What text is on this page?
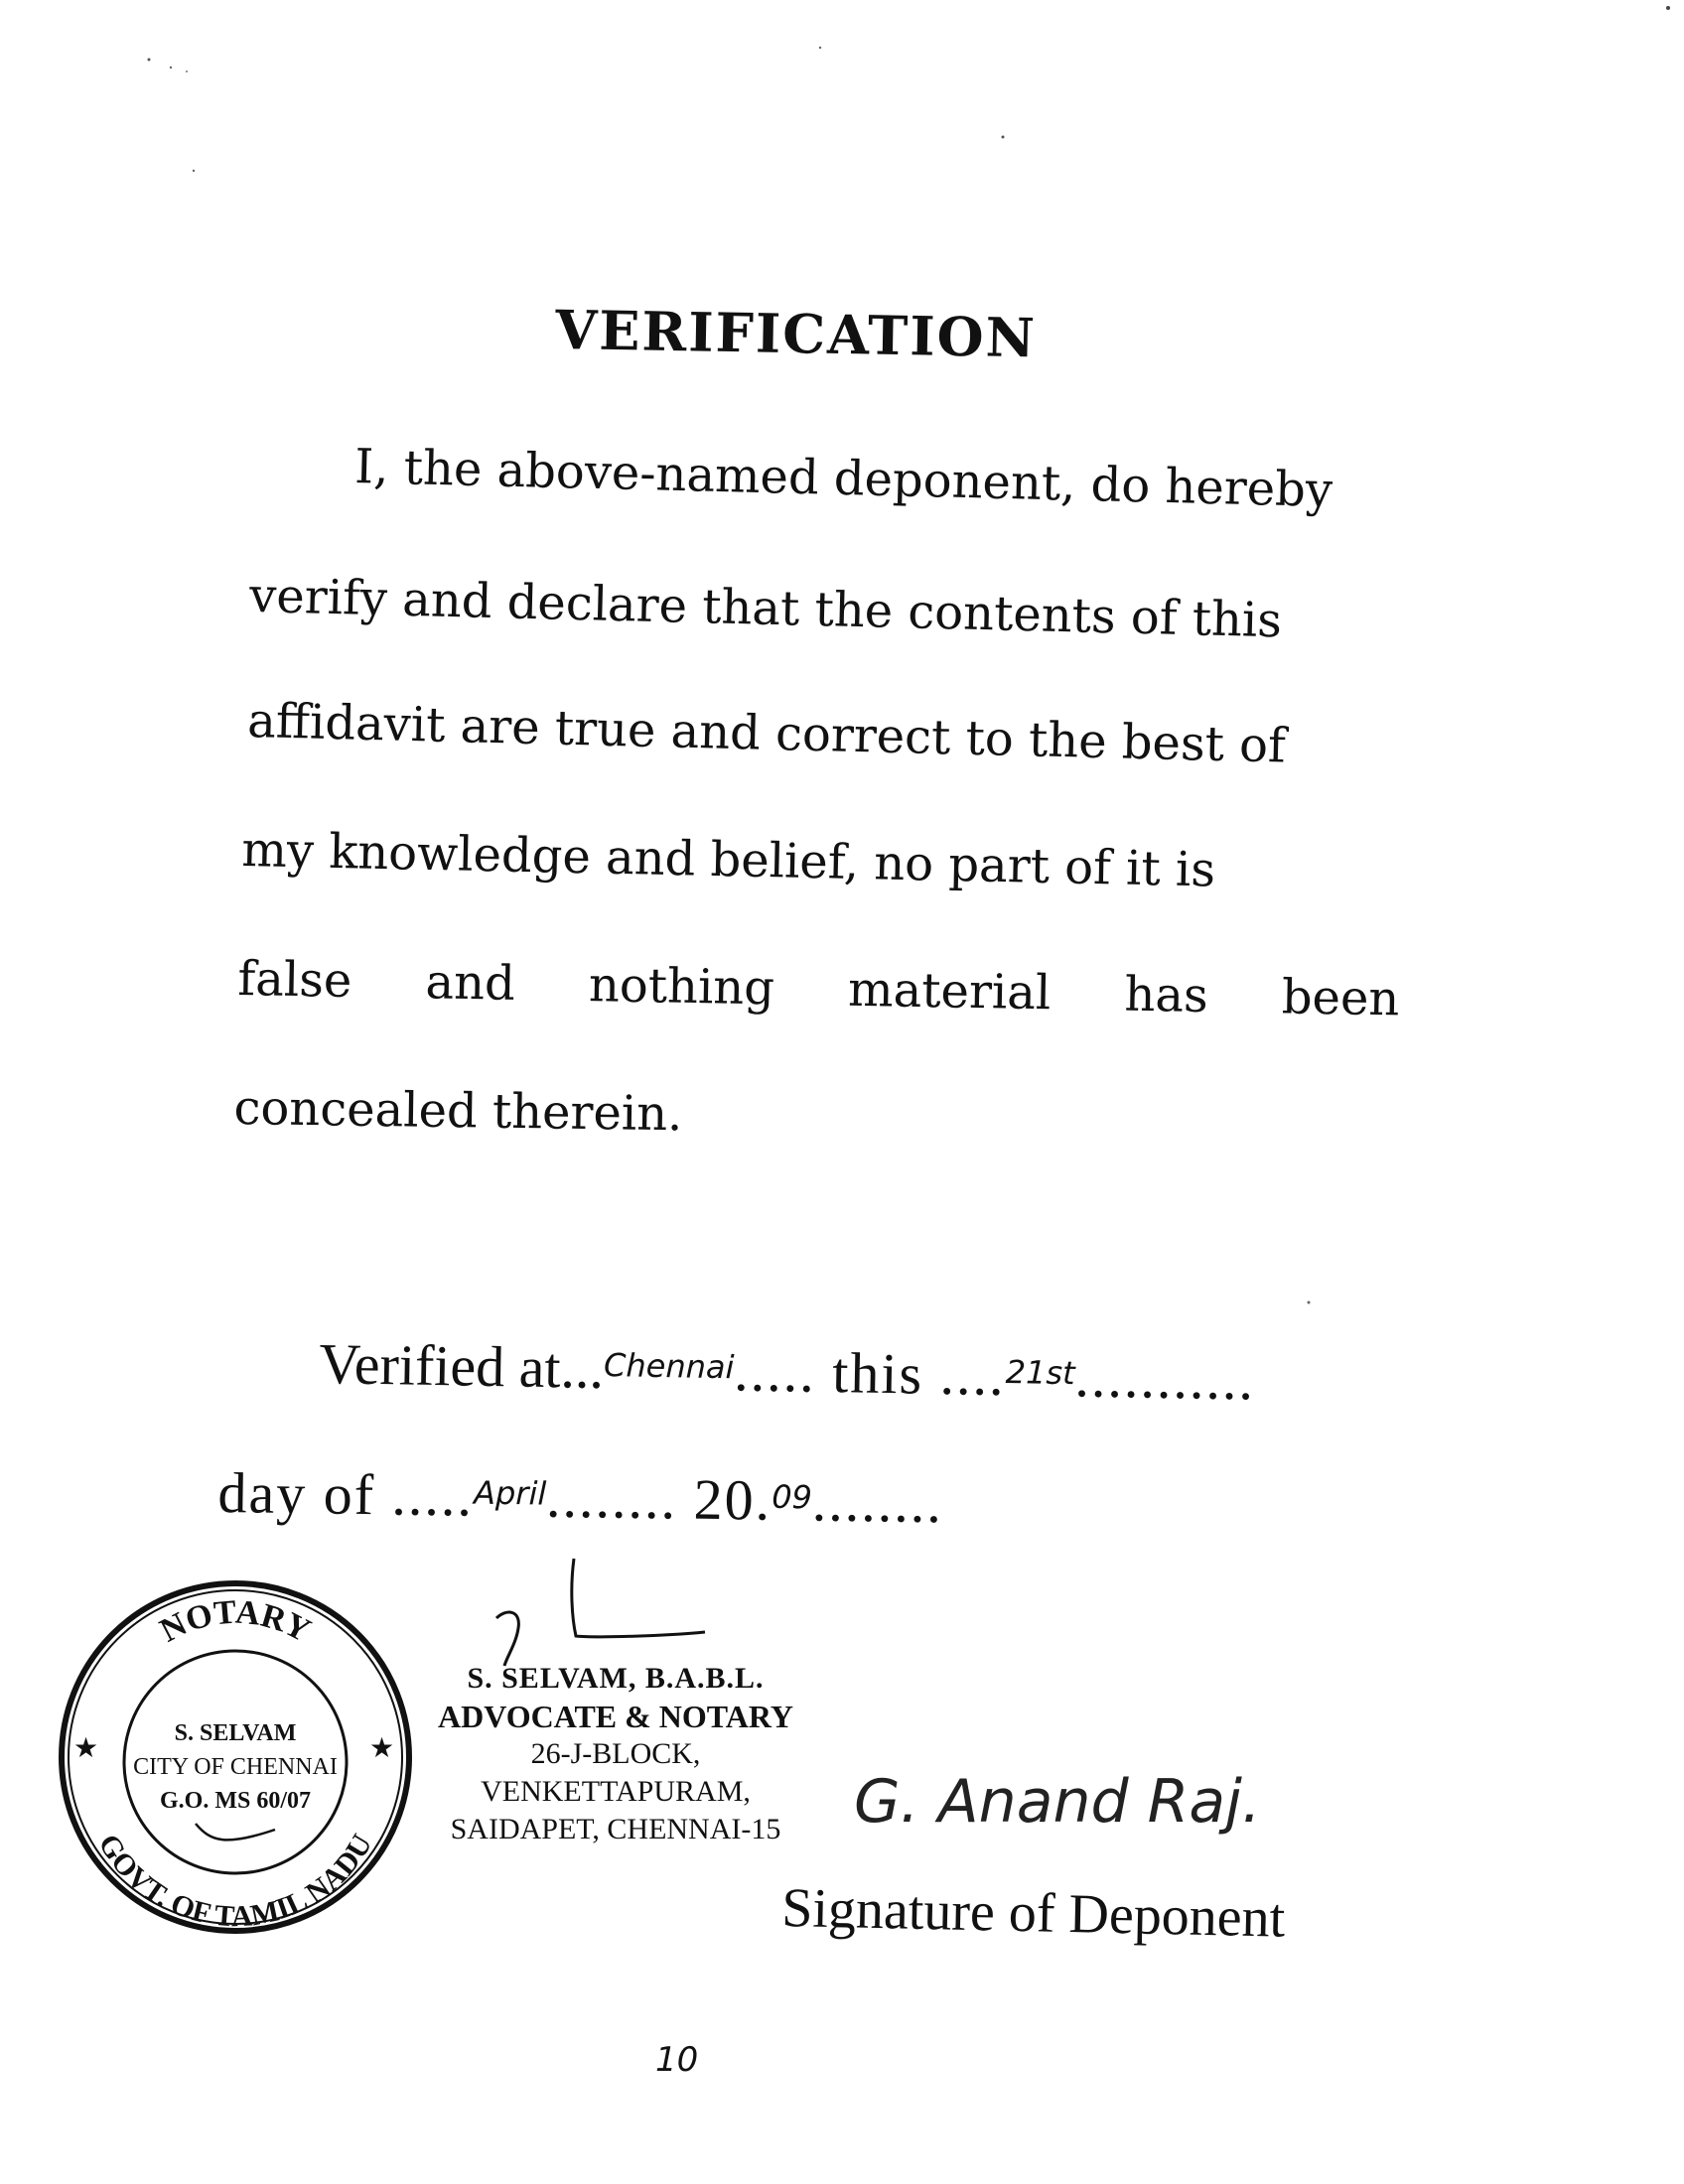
VERIFICATION
I, the above-named deponent, do hereby
verify and declare that the contents of this
affidavit are true and correct to the best of
my knowledge and belief, no part of it is
false and nothing material has been
concealed therein.
Verified at...Chennai..... this ....21st...........
day of .....April........ 20.09........
NOTARY
GOVT. OF TAMIL NADU
★	★
S. SELVAM
CITY OF CHENNAI
G.O. MS 60/07
S. SELVAM, B.A.B.L.
ADVOCATE & NOTARY
26-J-BLOCK,
VENKETTAPURAM,
SAIDAPET, CHENNAI-15	G. Anand Raj.
Signature of Deponent
10
